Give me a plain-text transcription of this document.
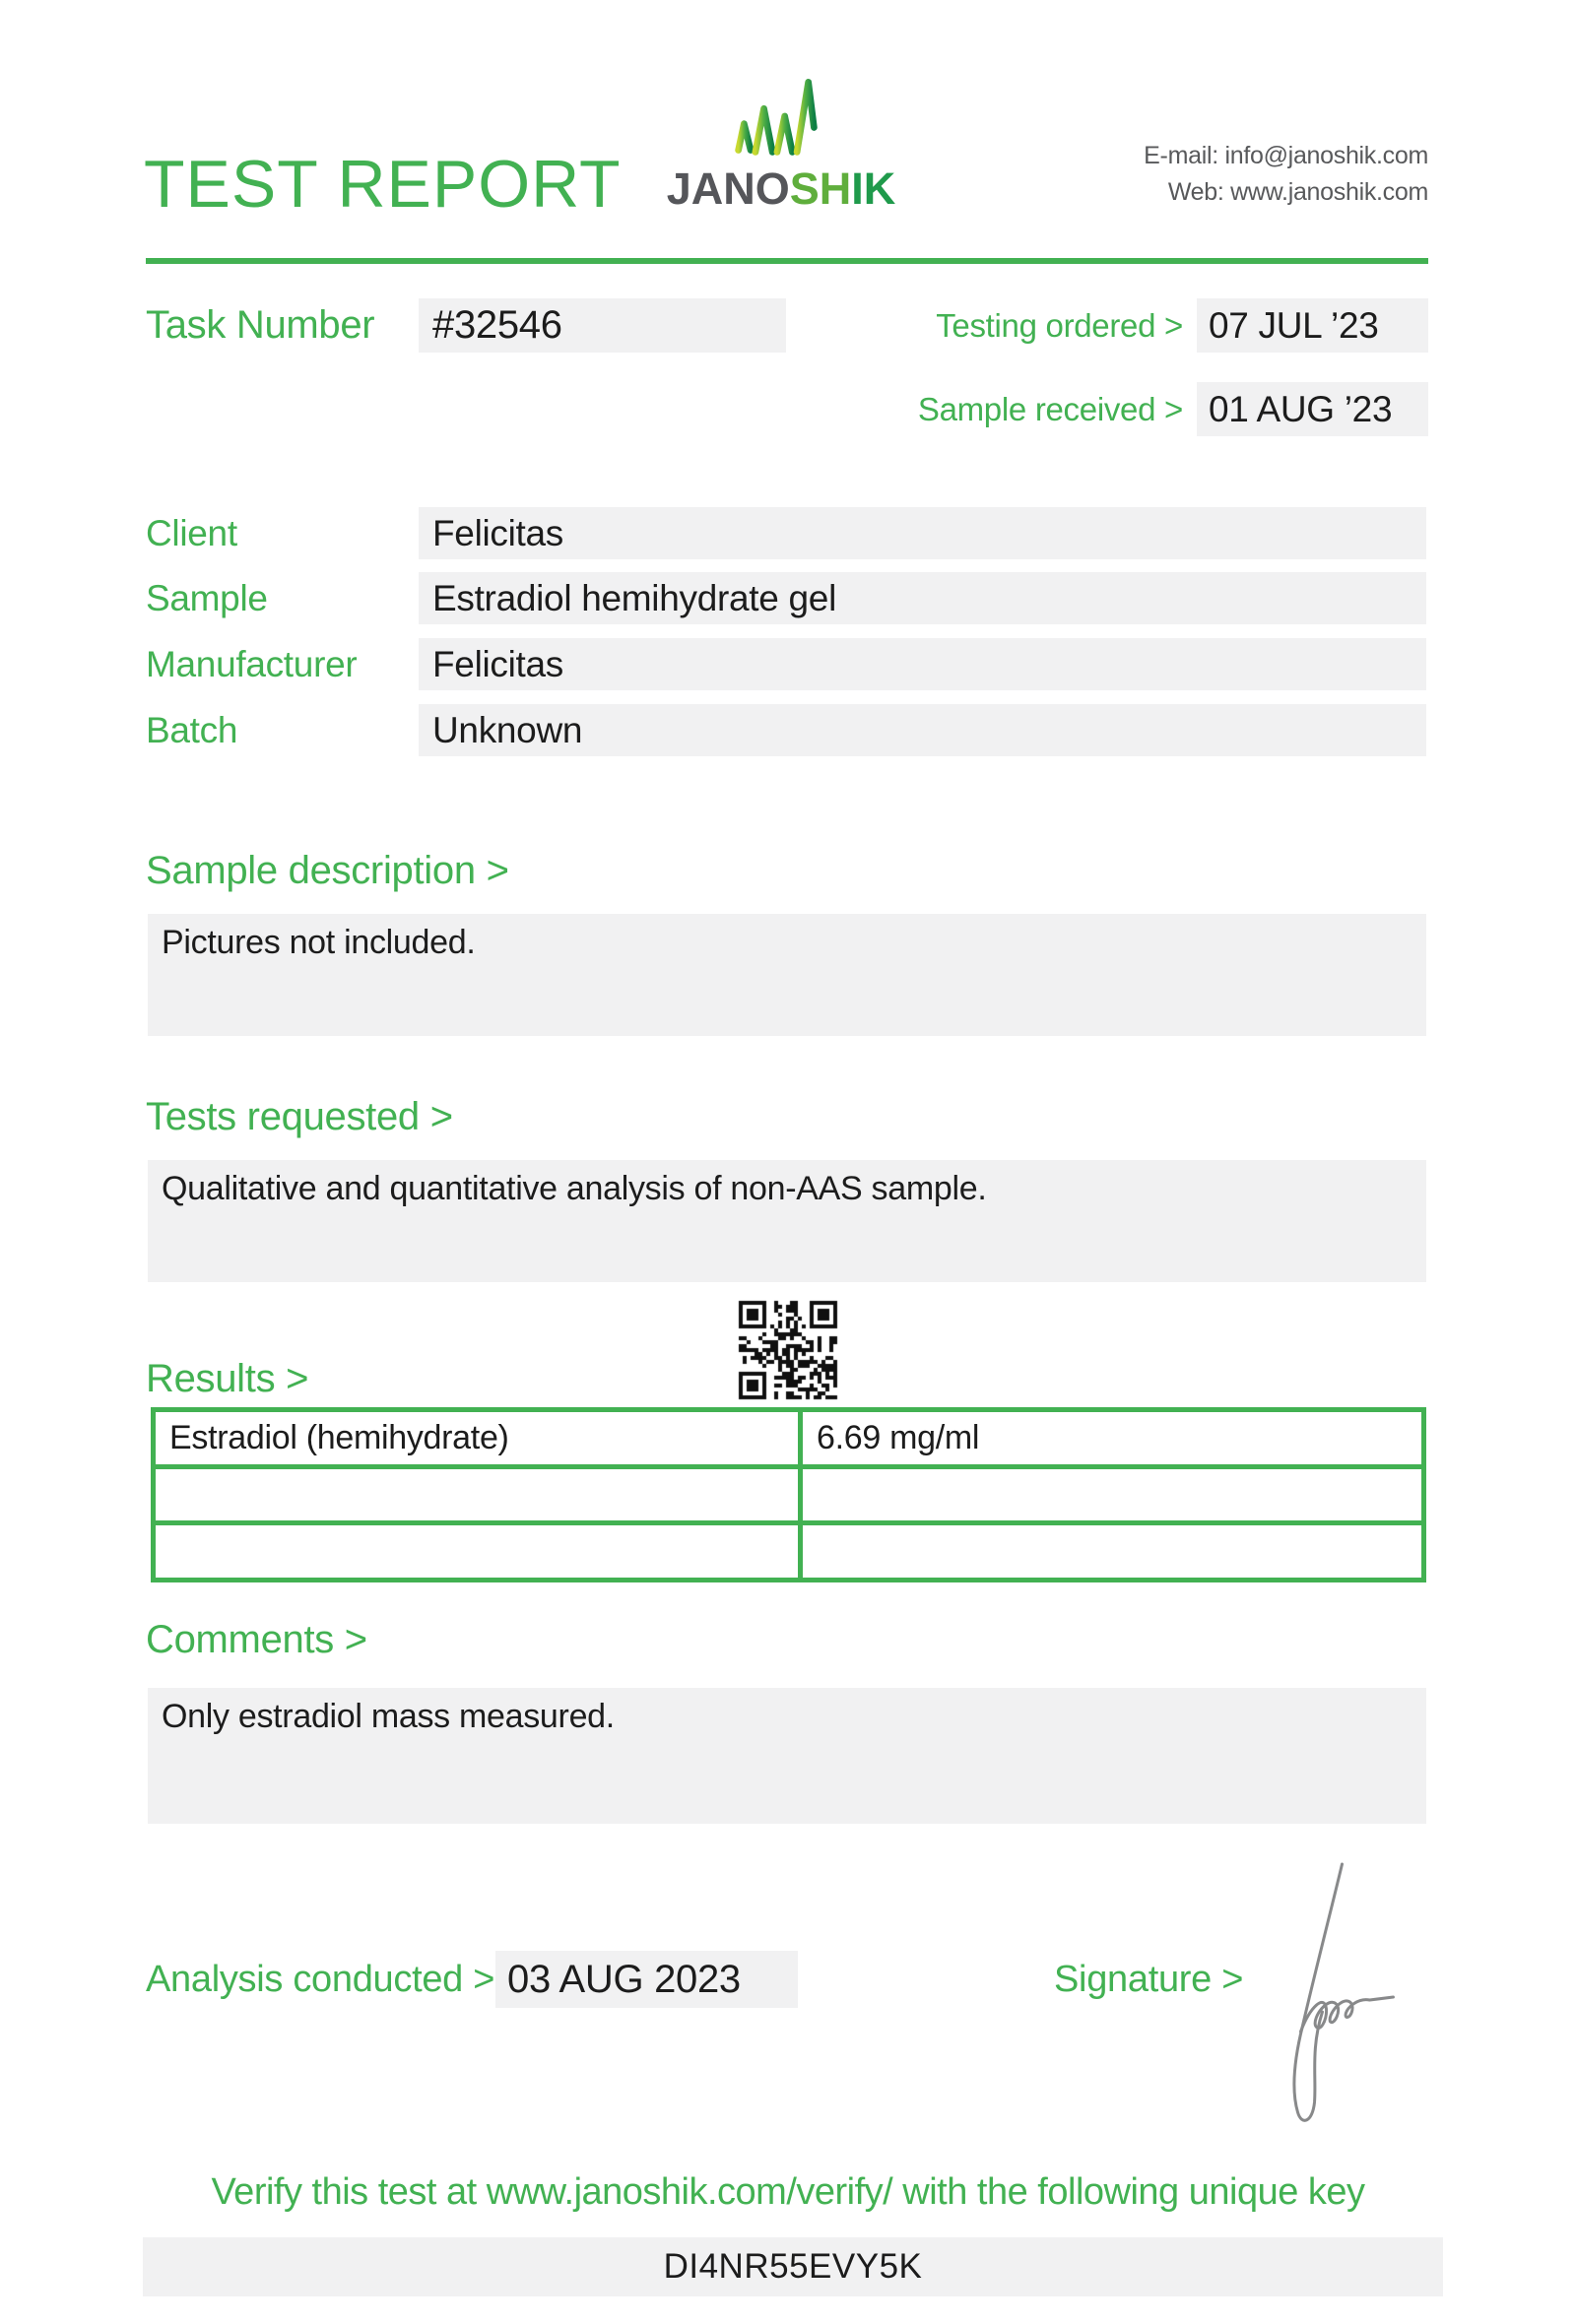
TEST REPORT JANOSHIK
E-mail: info@janoshik.com
Web: www.janoshik.com
Task Number	#32546	Testing ordered > 07 JUL ’23
Sample received > 01 AUG ’23
Client	Felicitas
Sample	Estradiol hemihydrate gel
Manufacturer	Felicitas
Batch	Unknown
Sample description >
Pictures not included.
Tests requested >
Qualitative and quantitative analysis of non-AAS sample.
Results >
Estradiol (hemihydrate)	6.69 mg/ml
Comments >
Only estradiol mass measured.
Analysis conducted > 03 AUG 2023	Signature >
Verify this test at www.janoshik.com/verify/ with the following unique key
DI4NR55EVY5K
